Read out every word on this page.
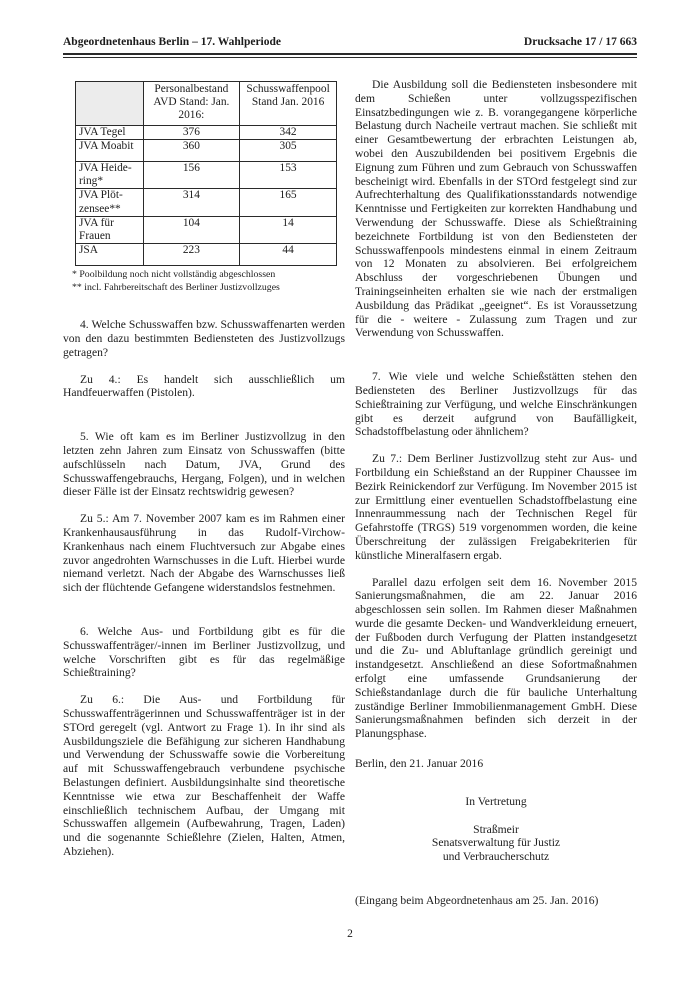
Abgeordnetenhaus Berlin – 17. Wahlperiode	Drucksache 17 / 17 663
	Personalbestand AVD Stand: Jan. 2016:	Schusswaffenpool Stand Jan. 2016
JVA Tegel	376	342
JVA Moabit	360	305
JVA Heide-ring*	156	153
JVA Plöt-zensee**	314	165
JVA für Frauen	104	14
JSA	223	44
* Poolbildung noch nicht vollständig abgeschlossen
** incl. Fahrbereitschaft des Berliner Justizvollzuges

4. Welche Schusswaffen bzw. Schusswaffenarten werden von den dazu bestimmten Bediensteten des Justizvollzugs getragen?

Zu 4.: Es handelt sich ausschließlich um Handfeuerwaffen (Pistolen).

5. Wie oft kam es im Berliner Justizvollzug in den letzten zehn Jahren zum Einsatz von Schusswaffen (bitte aufschlüsseln nach Datum, JVA, Grund des Schusswaffengebrauchs, Hergang, Folgen), und in welchen dieser Fälle ist der Einsatz rechtswidrig gewesen?

Zu 5.: Am 7. November 2007 kam es im Rahmen einer Krankenhausausführung in das Rudolf-Virchow-Krankenhaus nach einem Fluchtversuch zur Abgabe eines zuvor angedrohten Warnschusses in die Luft. Hierbei wurde niemand verletzt. Nach der Abgabe des Warnschusses ließ sich der flüchtende Gefangene widerstandslos festnehmen.

6. Welche Aus- und Fortbildung gibt es für die Schusswaffenträger/-innen im Berliner Justizvollzug, und welche Vorschriften gibt es für das regelmäßige Schießtraining?

Zu 6.: Die Aus- und Fortbildung für Schusswaffenträgerinnen und Schusswaffenträger ist in der STOrd geregelt (vgl. Antwort zu Frage 1). In ihr sind als Ausbildungsziele die Befähigung zur sicheren Handhabung und Verwendung der Schusswaffe sowie die Vorbereitung auf mit Schusswaffengebrauch verbundene psychische Belastungen definiert. Ausbildungsinhalte sind theoretische Kenntnisse wie etwa zur Beschaffenheit der Waffe einschließlich technischem Aufbau, der Umgang mit Schusswaffen allgemein (Aufbewahrung, Tragen, Laden) und die sogenannte Schießlehre (Zielen, Halten, Atmen, Abziehen).

Die Ausbildung soll die Bediensteten insbesondere mit dem Schießen unter vollzugsspezifischen Einsatzbedingungen wie z. B. vorangegangene körperliche Belastung durch Nacheile vertraut machen. Sie schließt mit einer Gesamtbewertung der erbrachten Leistungen ab, wobei den Auszubildenden bei positivem Ergebnis die Eignung zum Führen und zum Gebrauch von Schusswaffen bescheinigt wird. Ebenfalls in der STOrd festgelegt sind zur Aufrechterhaltung des Qualifikationsstandards notwendige Kenntnisse und Fertigkeiten zur korrekten Handhabung und Verwendung der Schusswaffe. Diese als Schießtraining bezeichnete Fortbildung ist von den Bediensteten der Schusswaffenpools mindestens einmal in einem Zeitraum von 12 Monaten zu absolvieren. Bei erfolgreichem Abschluss der vorgeschriebenen Übungen und Trainingseinheiten erhalten sie wie nach der erstmaligen Ausbildung das Prädikat „geeignet“. Es ist Voraussetzung für die - weitere - Zulassung zum Tragen und zur Verwendung von Schusswaffen.

7. Wie viele und welche Schießstätten stehen den Bediensteten des Berliner Justizvollzugs für das Schießtraining zur Verfügung, und welche Einschränkungen gibt es derzeit aufgrund von Baufälligkeit, Schadstoffbelastung oder ähnlichem?

Zu 7.: Dem Berliner Justizvollzug steht zur Aus- und Fortbildung ein Schießstand an der Ruppiner Chaussee im Bezirk Reinickendorf zur Verfügung. Im November 2015 ist zur Ermittlung einer eventuellen Schadstoffbelastung eine Innenraummessung nach der Technischen Regel für Gefahrstoffe (TRGS) 519 vorgenommen worden, die keine Überschreitung der zulässigen Freigabekriterien für künstliche Mineralfasern ergab.

Parallel dazu erfolgen seit dem 16. November 2015 Sanierungsmaßnahmen, die am 22. Januar 2016 abgeschlossen sein sollen. Im Rahmen dieser Maßnahmen wurde die gesamte Decken- und Wandverkleidung erneuert, der Fußboden durch Verfugung der Platten instandgesetzt und die Zu- und Abluftanlage gründlich gereinigt und instandgesetzt. Anschließend an diese Sofortmaßnahmen erfolgt eine umfassende Grundsanierung der Schießstandanlage durch die für bauliche Unterhaltung zuständige Berliner Immobilienmanagement GmbH. Diese Sanierungsmaßnahmen befinden sich derzeit in der Planungsphase.

Berlin, den 21. Januar 2016

In Vertretung
Straßmeir
Senatsverwaltung für Justiz
und Verbraucherschutz

(Eingang beim Abgeordnetenhaus am 25. Jan. 2016)

2
